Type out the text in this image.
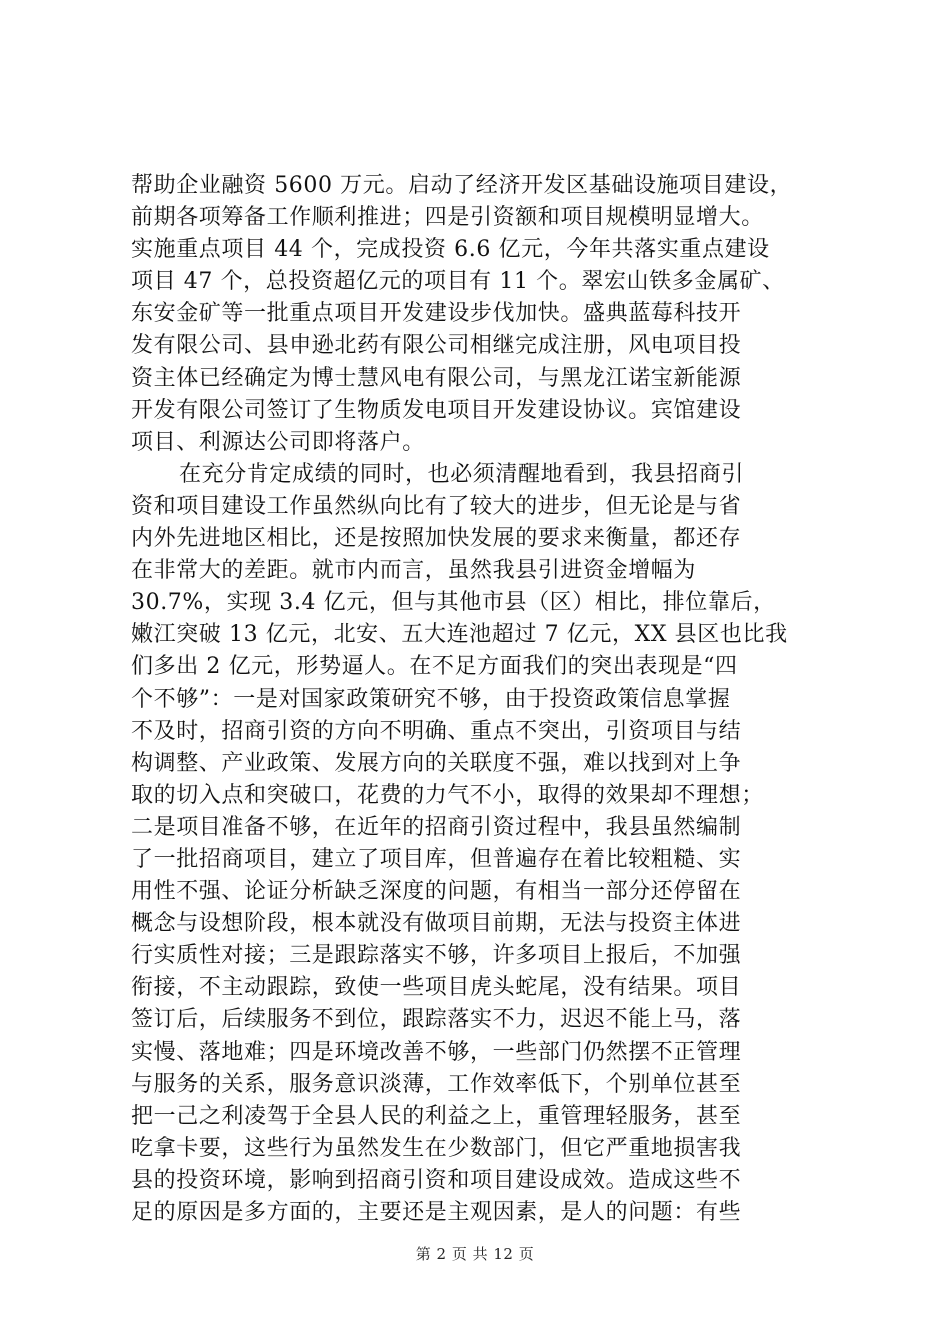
帮助企业融资 5600 万元。启动了经济开发区基础设施项目建设，
前期各项筹备工作顺利推进；四是引资额和项目规模明显增大。
实施重点项目 44 个，完成投资 6.6 亿元，今年共落实重点建设
项目 47 个，总投资超亿元的项目有 11 个。翠宏山铁多金属矿、
东安金矿等一批重点项目开发建设步伐加快。盛典蓝莓科技开
发有限公司、县申逊北药有限公司相继完成注册，风电项目投
资主体已经确定为博士慧风电有限公司，与黑龙江诺宝新能源
开发有限公司签订了生物质发电项目开发建设协议。宾馆建设
项目、利源达公司即将落户。
在充分肯定成绩的同时，也必须清醒地看到，我县招商引
资和项目建设工作虽然纵向比有了较大的进步，但无论是与省
内外先进地区相比，还是按照加快发展的要求来衡量，都还存
在非常大的差距。就市内而言，虽然我县引进资金增幅为
30.7%，实现 3.4 亿元，但与其他市县（区）相比，排位靠后，
嫩江突破 13 亿元，北安、五大连池超过 7 亿元，XX 县区也比我
们多出 2 亿元，形势逼人。在不足方面我们的突出表现是“四
个不够”：一是对国家政策研究不够，由于投资政策信息掌握
不及时，招商引资的方向不明确、重点不突出，引资项目与结
构调整、产业政策、发展方向的关联度不强，难以找到对上争
取的切入点和突破口，花费的力气不小，取得的效果却不理想；
二是项目准备不够，在近年的招商引资过程中，我县虽然编制
了一批招商项目，建立了项目库，但普遍存在着比较粗糙、实
用性不强、论证分析缺乏深度的问题，有相当一部分还停留在
概念与设想阶段，根本就没有做项目前期，无法与投资主体进
行实质性对接；三是跟踪落实不够，许多项目上报后，不加强
衔接，不主动跟踪，致使一些项目虎头蛇尾，没有结果。项目
签订后，后续服务不到位，跟踪落实不力，迟迟不能上马，落
实慢、落地难；四是环境改善不够，一些部门仍然摆不正管理
与服务的关系，服务意识淡薄，工作效率低下，个别单位甚至
把一己之利凌驾于全县人民的利益之上，重管理轻服务，甚至
吃拿卡要，这些行为虽然发生在少数部门，但它严重地损害我
县的投资环境，影响到招商引资和项目建设成效。造成这些不
足的原因是多方面的，主要还是主观因素，是人的问题：有些
第 2 页 共 12 页
